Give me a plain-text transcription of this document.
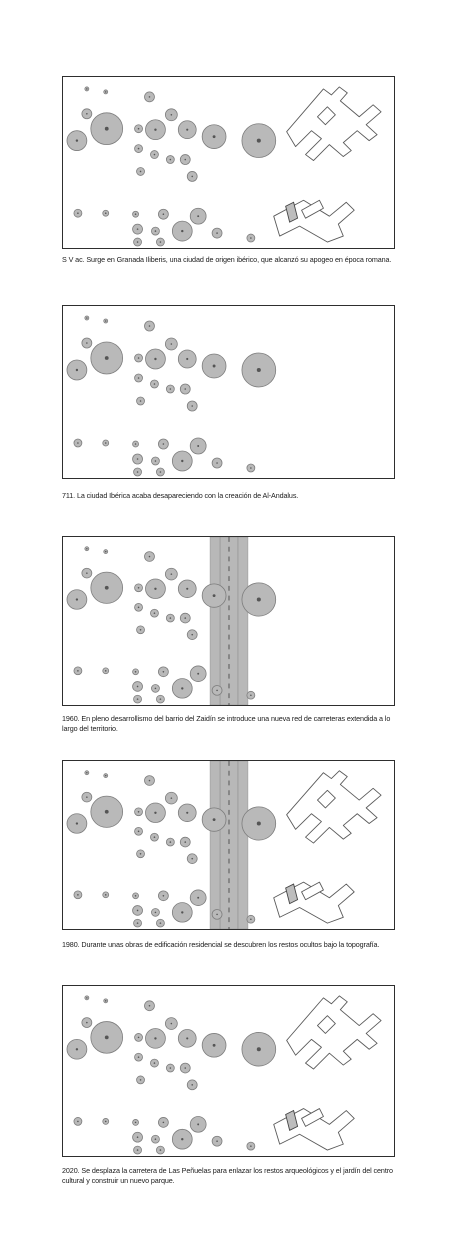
S V ac. Surge en Granada Iliberis, una ciudad de origen ibérico, que alcanzó su apogeo en época romana.
711. La ciudad Ibérica acaba desapareciendo con la creación de Al-Andalus.
1960. En pleno desarrollismo del barrio del Zaidín se introduce una nueva red de carreteras extendida a lo largo del territorio.
1980. Durante unas obras de edificación residencial se descubren los restos ocultos bajo la topografía.
2020. Se desplaza la carretera de Las Peñuelas para enlazar los restos arqueológicos y el jardín del centro cultural y construir un nuevo parque.
